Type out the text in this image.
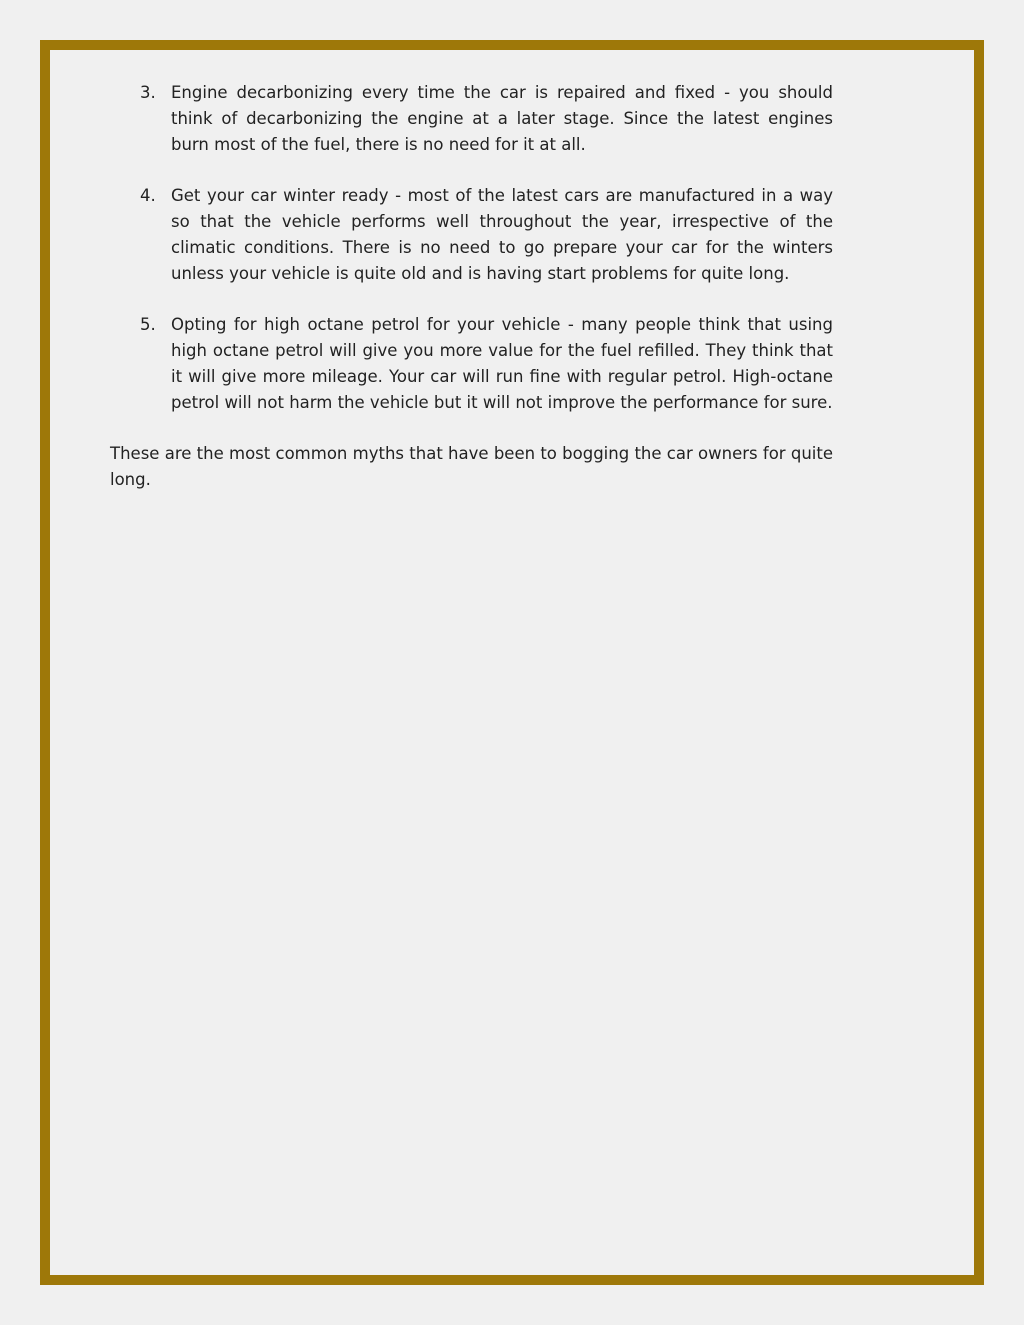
3. Engine decarbonizing every time the car is repaired and fixed - you should think of decarbonizing the engine at a later stage. Since the latest engines burn most of the fuel, there is no need for it at all.
4. Get your car winter ready - most of the latest cars are manufactured in a way so that the vehicle performs well throughout the year, irrespective of the climatic conditions. There is no need to go prepare your car for the winters unless your vehicle is quite old and is having start problems for quite long.
5. Opting for high octane petrol for your vehicle - many people think that using high octane petrol will give you more value for the fuel refilled. They think that it will give more mileage. Your car will run fine with regular petrol. High-octane petrol will not harm the vehicle but it will not improve the performance for sure.

These are the most common myths that have been to bogging the car owners for quite long.
